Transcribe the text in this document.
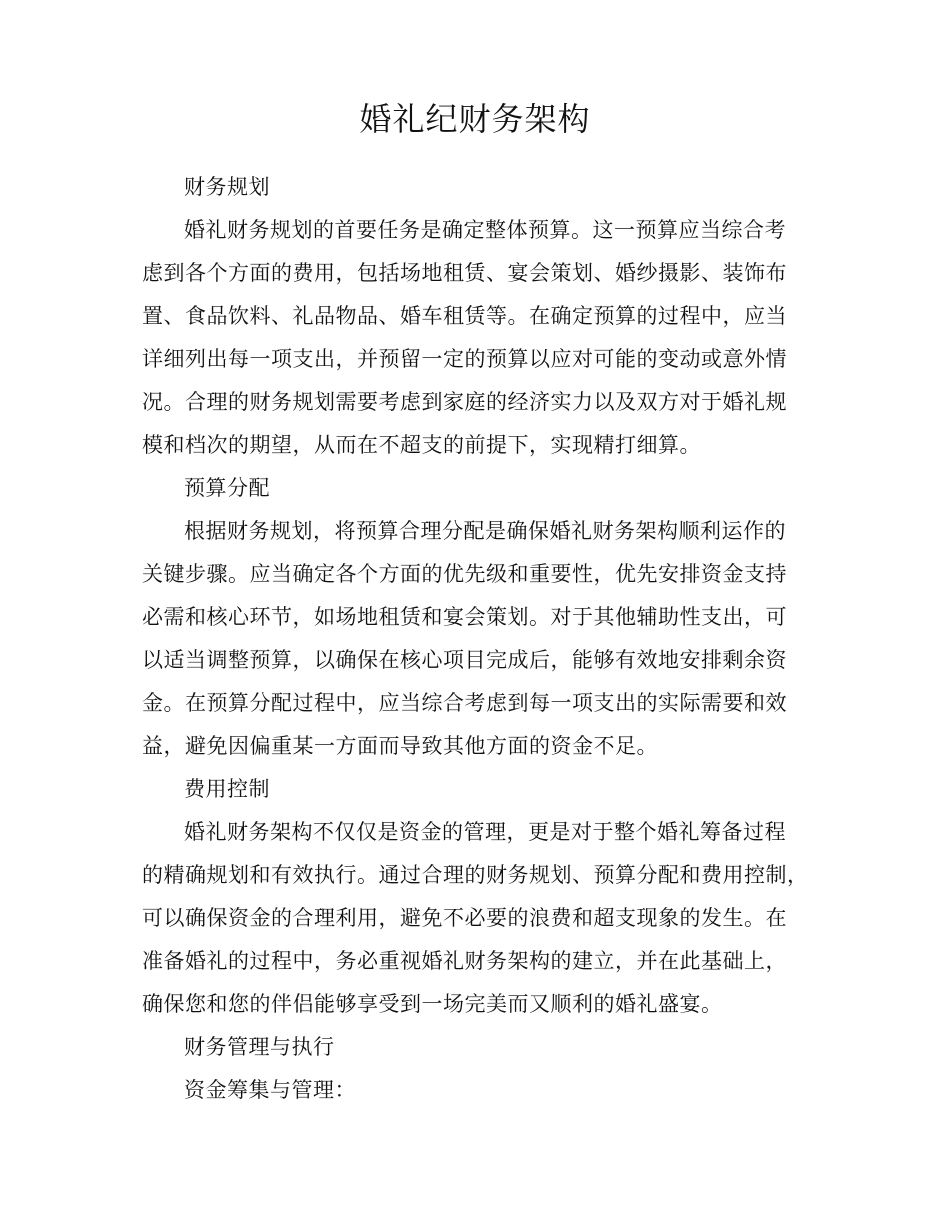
婚礼纪财务架构
财务规划
婚礼财务规划的首要任务是确定整体预算。这一预算应当综合考
虑到各个方面的费用，包括场地租赁、宴会策划、婚纱摄影、装饰布
置、食品饮料、礼品物品、婚车租赁等。在确定预算的过程中，应当
详细列出每一项支出，并预留一定的预算以应对可能的变动或意外情
况。合理的财务规划需要考虑到家庭的经济实力以及双方对于婚礼规
模和档次的期望，从而在不超支的前提下，实现精打细算。
预算分配
根据财务规划，将预算合理分配是确保婚礼财务架构顺利运作的
关键步骤。应当确定各个方面的优先级和重要性，优先安排资金支持
必需和核心环节，如场地租赁和宴会策划。对于其他辅助性支出，可
以适当调整预算，以确保在核心项目完成后，能够有效地安排剩余资
金。在预算分配过程中，应当综合考虑到每一项支出的实际需要和效
益，避免因偏重某一方面而导致其他方面的资金不足。
费用控制
婚礼财务架构不仅仅是资金的管理，更是对于整个婚礼筹备过程
的精确规划和有效执行。通过合理的财务规划、预算分配和费用控制，
可以确保资金的合理利用，避免不必要的浪费和超支现象的发生。在
准备婚礼的过程中，务必重视婚礼财务架构的建立，并在此基础上，
确保您和您的伴侣能够享受到一场完美而又顺利的婚礼盛宴。
财务管理与执行
资金筹集与管理：
